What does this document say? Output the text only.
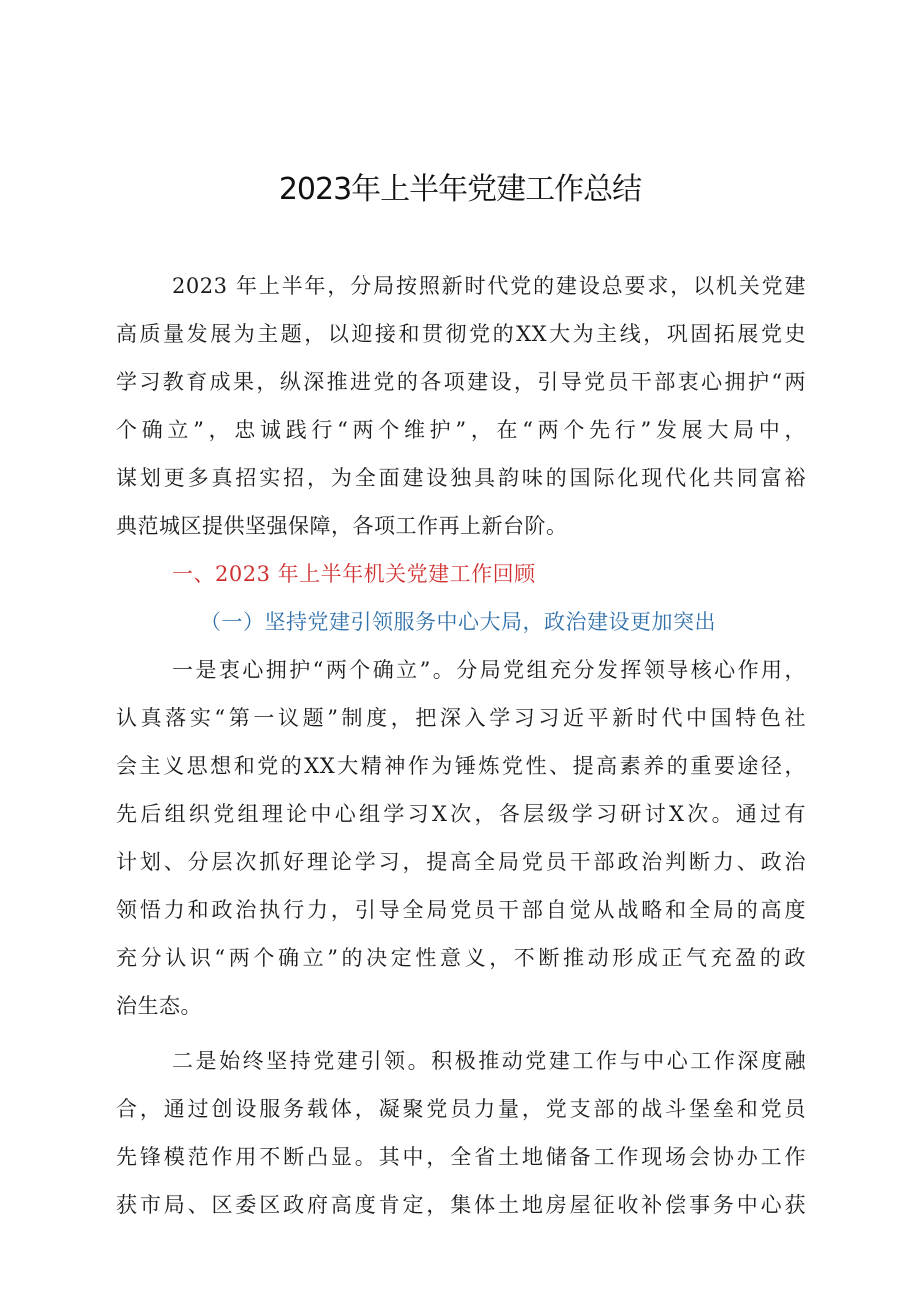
2023年上半年党建工作总结
2023 年上半年，分局按照新时代党的建设总要求，以机关党建
高质量发展为主题，以迎接和贯彻党的XX大为主线，巩固拓展党史
学习教育成果，纵深推进党的各项建设，引导党员干部衷心拥护“两
个确立”，忠诚践行“两个维护”，在“两个先行”发展大局中，
谋划更多真招实招，为全面建设独具韵味的国际化现代化共同富裕
典范城区提供坚强保障，各项工作再上新台阶。
一、2023 年上半年机关党建工作回顾
（一）坚持党建引领服务中心大局，政治建设更加突出
一是衷心拥护“两个确立”。分局党组充分发挥领导核心作用，
认真落实“第一议题”制度，把深入学习习近平新时代中国特色社
会主义思想和党的XX大精神作为锤炼党性、提高素养的重要途径，
先后组织党组理论中心组学习X次，各层级学习研讨X次。通过有
计划、分层次抓好理论学习，提高全局党员干部政治判断力、政治
领悟力和政治执行力，引导全局党员干部自觉从战略和全局的高度
充分认识“两个确立”的决定性意义，不断推动形成正气充盈的政
治生态。
二是始终坚持党建引领。积极推动党建工作与中心工作深度融
合，通过创设服务载体，凝聚党员力量，党支部的战斗堡垒和党员
先锋模范作用不断凸显。其中，全省土地储备工作现场会协办工作
获市局、区委区政府高度肯定，集体土地房屋征收补偿事务中心获
